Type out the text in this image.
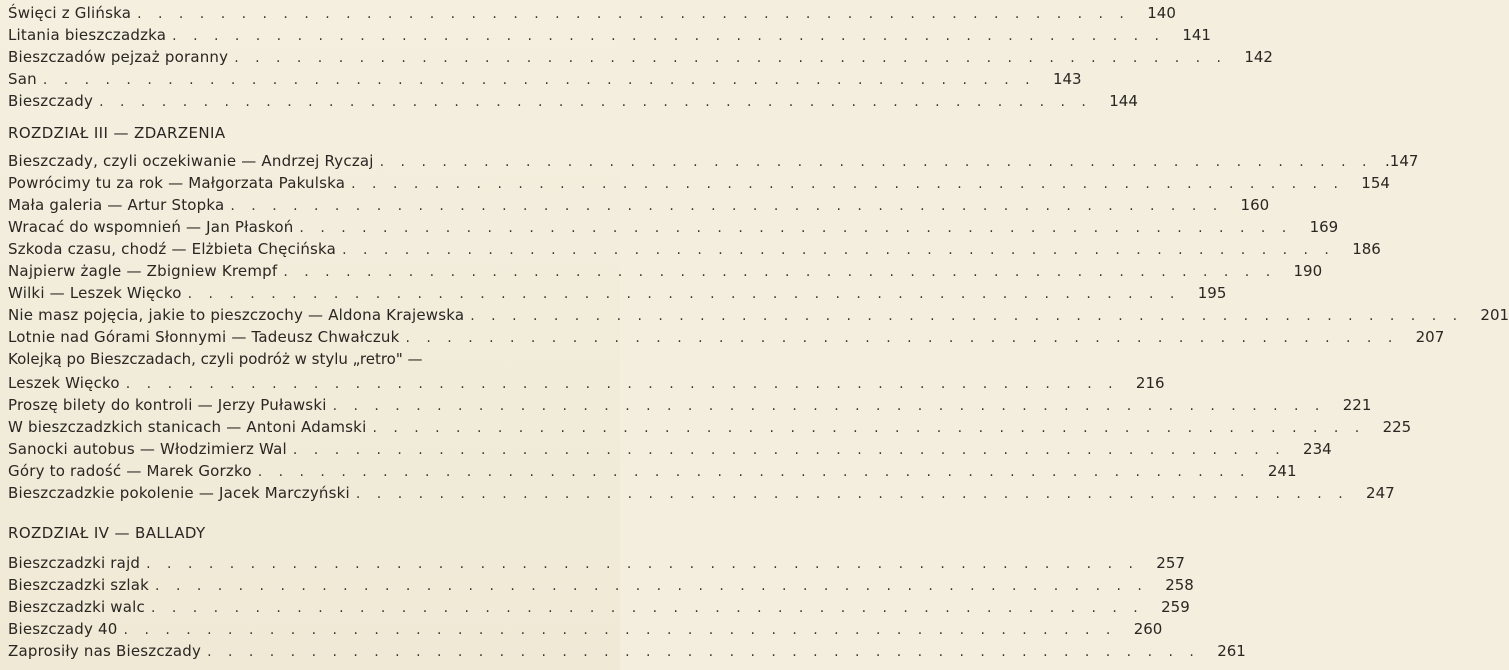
Święci z Glińska . . . . . . . . . . . . . . . . . . . . . . . . . . . . . . . . . . . . . . . . . . . . . . . .	140
Litania bieszczadzka . . . . . . . . . . . . . . . . . . . . . . . . . . . . . . . . . . . . . . . . . . . . . . . .	141
Bieszczadów pejzaż poranny . . . . . . . . . . . . . . . . . . . . . . . . . . . . . . . . . . . . . . . . . . . . . . . .	142
San . . . . . . . . . . . . . . . . . . . . . . . . . . . . . . . . . . . . . . . . . . . . . . . .	143
Bieszczady . . . . . . . . . . . . . . . . . . . . . . . . . . . . . . . . . . . . . . . . . . . . . . . .	144
ROZDZIAŁ III — ZDARZENIA
Bieszczady, czyli oczekiwanie — Andrzej Ryczaj . . . . . . . . . . . . . . . . . . . . . . . . . . . . . . . . . . . . . . . . . . . . . . . . .147
Powrócimy tu za rok — Małgorzata Pakulska . . . . . . . . . . . . . . . . . . . . . . . . . . . . . . . . . . . . . . . . . . . . . . . .	154
Mała galeria — Artur Stopka . . . . . . . . . . . . . . . . . . . . . . . . . . . . . . . . . . . . . . . . . . . . . . . .	160
Wracać do wspomnień — Jan Płaskoń . . . . . . . . . . . . . . . . . . . . . . . . . . . . . . . . . . . . . . . . . . . . . . . .	169
Szkoda czasu, chodź — Elżbieta Chęcińska . . . . . . . . . . . . . . . . . . . . . . . . . . . . . . . . . . . . . . . . . . . . . . . .	186
Najpierw żagle — Zbigniew Krempf . . . . . . . . . . . . . . . . . . . . . . . . . . . . . . . . . . . . . . . . . . . . . . . .	190
Wilki — Leszek Więcko . . . . . . . . . . . . . . . . . . . . . . . . . . . . . . . . . . . . . . . . . . . . . . . .	195
Nie masz pojęcia, jakie to pieszczochy — Aldona Krajewska . . . . . . . . . . . . . . . . . . . . . . . . . . . . . . . . . . . . . . . . . . . . . . . .	201
Lotnie nad Górami Słonnymi — Tadeusz Chwałczuk . . . . . . . . . . . . . . . . . . . . . . . . . . . . . . . . . . . . . . . . . . . . . . . .	207
Kolejką po Bieszczadach, czyli podróż w stylu „retro" —
Leszek Więcko . . . . . . . . . . . . . . . . . . . . . . . . . . . . . . . . . . . . . . . . . . . . . . . .	216
Proszę bilety do kontroli — Jerzy Puławski . . . . . . . . . . . . . . . . . . . . . . . . . . . . . . . . . . . . . . . . . . . . . . . .	221
W bieszczadzkich stanicach — Antoni Adamski . . . . . . . . . . . . . . . . . . . . . . . . . . . . . . . . . . . . . . . . . . . . . . . .	225
Sanocki autobus — Włodzimierz Wal . . . . . . . . . . . . . . . . . . . . . . . . . . . . . . . . . . . . . . . . . . . . . . . .	234
Góry to radość — Marek Gorzko . . . . . . . . . . . . . . . . . . . . . . . . . . . . . . . . . . . . . . . . . . . . . . . .	241
Bieszczadzkie pokolenie — Jacek Marczyński . . . . . . . . . . . . . . . . . . . . . . . . . . . . . . . . . . . . . . . . . . . . . . . .	247
ROZDZIAŁ IV — BALLADY
Bieszczadzki rajd . . . . . . . . . . . . . . . . . . . . . . . . . . . . . . . . . . . . . . . . . . . . . . . .	257
Bieszczadzki szlak . . . . . . . . . . . . . . . . . . . . . . . . . . . . . . . . . . . . . . . . . . . . . . . .	258
Bieszczadzki walc . . . . . . . . . . . . . . . . . . . . . . . . . . . . . . . . . . . . . . . . . . . . . . . .	259
Bieszczady 40 . . . . . . . . . . . . . . . . . . . . . . . . . . . . . . . . . . . . . . . . . . . . . . . .	260
Zaprosiły nas Bieszczady . . . . . . . . . . . . . . . . . . . . . . . . . . . . . . . . . . . . . . . . . . . . . . . .	261
